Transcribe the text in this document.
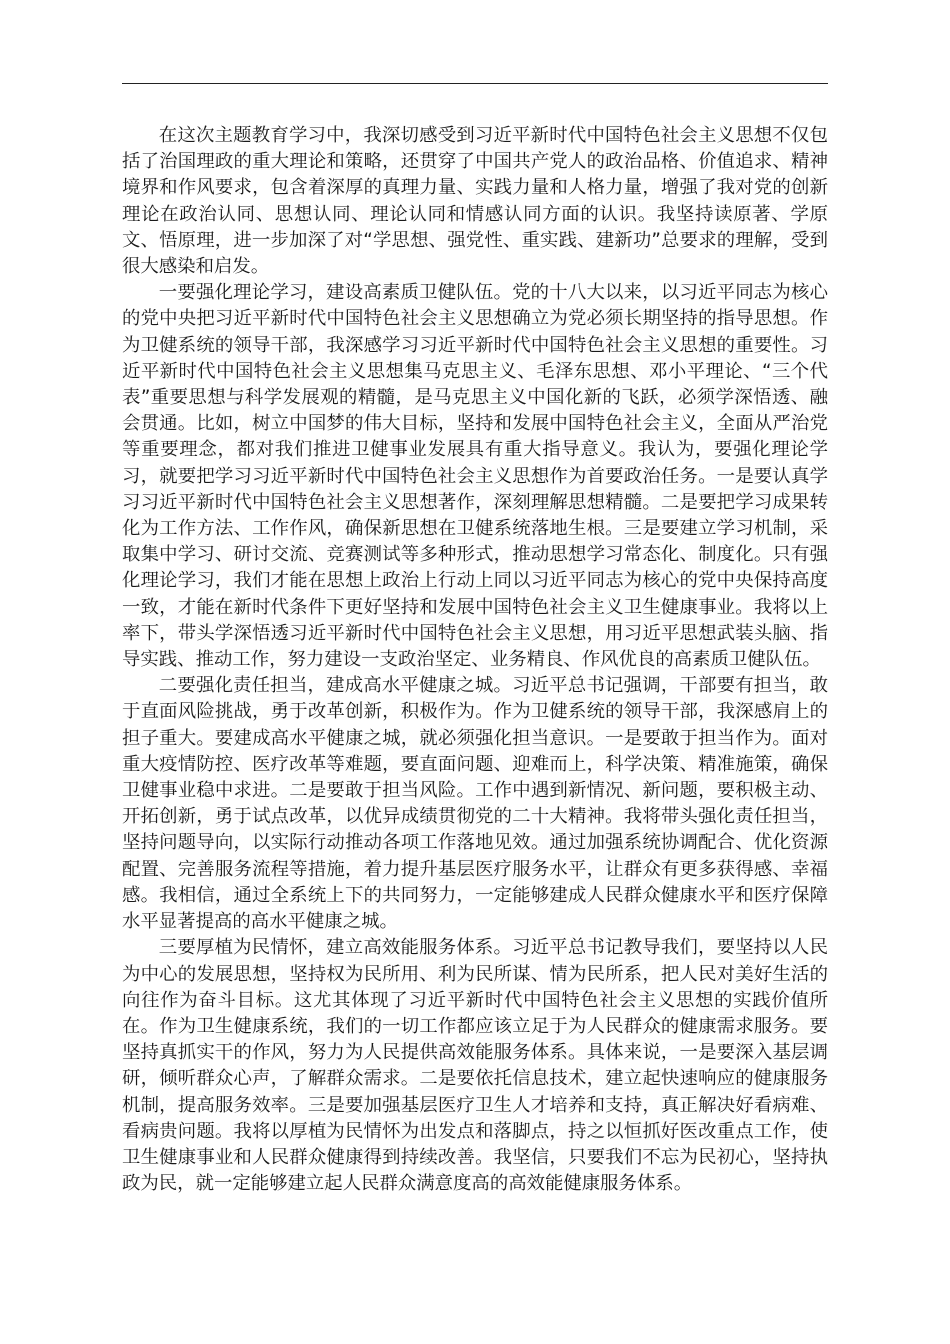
在这次主题教育学习中，我深切感受到习近平新时代中国特色社会主义思想不仅包括了治国理政的重大理论和策略，还贯穿了中国共产党人的政治品格、价值追求、精神境界和作风要求，包含着深厚的真理力量、实践力量和人格力量，增强了我对党的创新理论在政治认同、思想认同、理论认同和情感认同方面的认识。我坚持读原著、学原文、悟原理，进一步加深了对“学思想、强党性、重实践、建新功”总要求的理解，受到很大感染和启发。

一要强化理论学习，建设高素质卫健队伍。党的十八大以来，以习近平同志为核心的党中央把习近平新时代中国特色社会主义思想确立为党必须长期坚持的指导思想。作为卫健系统的领导干部，我深感学习习近平新时代中国特色社会主义思想的重要性。习近平新时代中国特色社会主义思想集马克思主义、毛泽东思想、邓小平理论、“三个代表”重要思想与科学发展观的精髓，是马克思主义中国化新的飞跃，必须学深悟透、融会贯通。比如，树立中国梦的伟大目标，坚持和发展中国特色社会主义，全面从严治党等重要理念，都对我们推进卫健事业发展具有重大指导意义。我认为，要强化理论学习，就要把学习习近平新时代中国特色社会主义思想作为首要政治任务。一是要认真学习习近平新时代中国特色社会主义思想著作，深刻理解思想精髓。二是要把学习成果转化为工作方法、工作作风，确保新思想在卫健系统落地生根。三是要建立学习机制，采取集中学习、研讨交流、竞赛测试等多种形式，推动思想学习常态化、制度化。只有强化理论学习，我们才能在思想上政治上行动上同以习近平同志为核心的党中央保持高度一致，才能在新时代条件下更好坚持和发展中国特色社会主义卫生健康事业。我将以上率下，带头学深悟透习近平新时代中国特色社会主义思想，用习近平思想武装头脑、指导实践、推动工作，努力建设一支政治坚定、业务精良、作风优良的高素质卫健队伍。

二要强化责任担当，建成高水平健康之城。习近平总书记强调，干部要有担当，敢于直面风险挑战，勇于改革创新，积极作为。作为卫健系统的领导干部，我深感肩上的担子重大。要建成高水平健康之城，就必须强化担当意识。一是要敢于担当作为。面对重大疫情防控、医疗改革等难题，要直面问题、迎难而上，科学决策、精准施策，确保卫健事业稳中求进。二是要敢于担当风险。工作中遇到新情况、新问题，要积极主动、开拓创新，勇于试点改革，以优异成绩贯彻党的二十大精神。我将带头强化责任担当，坚持问题导向，以实际行动推动各项工作落地见效。通过加强系统协调配合、优化资源配置、完善服务流程等措施，着力提升基层医疗服务水平，让群众有更多获得感、幸福感。我相信，通过全系统上下的共同努力，一定能够建成人民群众健康水平和医疗保障水平显著提高的高水平健康之城。

三要厚植为民情怀，建立高效能服务体系。习近平总书记教导我们，要坚持以人民为中心的发展思想，坚持权为民所用、利为民所谋、情为民所系，把人民对美好生活的向往作为奋斗目标。这尤其体现了习近平新时代中国特色社会主义思想的实践价值所在。作为卫生健康系统，我们的一切工作都应该立足于为人民群众的健康需求服务。要坚持真抓实干的作风，努力为人民提供高效能服务体系。具体来说，一是要深入基层调研，倾听群众心声，了解群众需求。二是要依托信息技术，建立起快速响应的健康服务机制，提高服务效率。三是要加强基层医疗卫生人才培养和支持，真正解决好看病难、看病贵问题。我将以厚植为民情怀为出发点和落脚点，持之以恒抓好医改重点工作，使卫生健康事业和人民群众健康得到持续改善。我坚信，只要我们不忘为民初心，坚持执政为民，就一定能够建立起人民群众满意度高的高效能健康服务体系。
